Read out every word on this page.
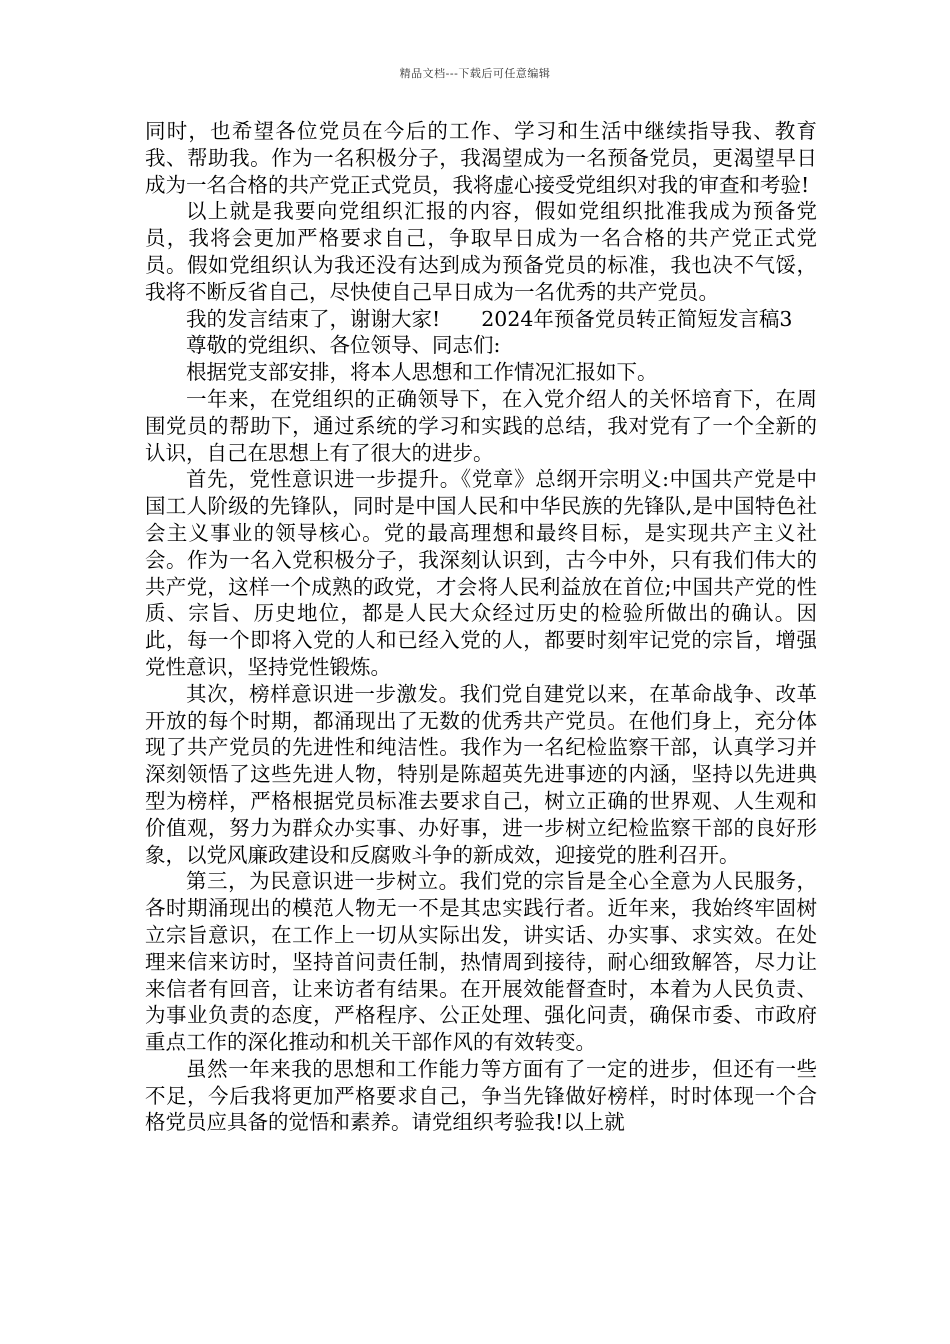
精品文档---下载后可任意编辑

同时，也希望各位党员在今后的工作、学习和生活中继续指导我、教育我、帮助我。作为一名积极分子，我渴望成为一名预备党员，更渴望早日成为一名合格的共产党正式党员，我将虚心接受党组织对我的审查和考验!

以上就是我要向党组织汇报的内容，假如党组织批准我成为预备党员，我将会更加严格要求自己，争取早日成为一名合格的共产党正式党员。假如党组织认为我还没有达到成为预备党员的标准，我也决不气馁，我将不断反省自己，尽快使自己早日成为一名优秀的共产党员。

我的发言结束了，谢谢大家!　　2024年预备党员转正简短发言稿3

尊敬的党组织、各位领导、同志们:

根据党支部安排，将本人思想和工作情况汇报如下。

一年来，在党组织的正确领导下，在入党介绍人的关怀培育下，在周围党员的帮助下，通过系统的学习和实践的总结，我对党有了一个全新的认识，自己在思想上有了很大的进步。

首先，党性意识进一步提升。《党章》总纲开宗明义:中国共产党是中国工人阶级的先锋队，同时是中国人民和中华民族的先锋队,是中国特色社会主义事业的领导核心。党的最高理想和最终目标，是实现共产主义社会。作为一名入党积极分子，我深刻认识到，古今中外，只有我们伟大的共产党，这样一个成熟的政党，才会将人民利益放在首位;中国共产党的性质、宗旨、历史地位，都是人民大众经过历史的检验所做出的确认。因此，每一个即将入党的人和已经入党的人，都要时刻牢记党的宗旨，增强党性意识，坚持党性锻炼。

其次，榜样意识进一步激发。我们党自建党以来，在革命战争、改革开放的每个时期，都涌现出了无数的优秀共产党员。在他们身上，充分体现了共产党员的先进性和纯洁性。我作为一名纪检监察干部，认真学习并深刻领悟了这些先进人物，特别是陈超英先进事迹的内涵，坚持以先进典型为榜样，严格根据党员标准去要求自己，树立正确的世界观、人生观和价值观，努力为群众办实事、办好事，进一步树立纪检监察干部的良好形象，以党风廉政建设和反腐败斗争的新成效，迎接党的胜利召开。

第三，为民意识进一步树立。我们党的宗旨是全心全意为人民服务，各时期涌现出的模范人物无一不是其忠实践行者。近年来，我始终牢固树立宗旨意识，在工作上一切从实际出发，讲实话、办实事、求实效。在处理来信来访时，坚持首问责任制，热情周到接待，耐心细致解答，尽力让来信者有回音，让来访者有结果。在开展效能督查时，本着为人民负责、为事业负责的态度，严格程序、公正处理、强化问责，确保市委、市政府重点工作的深化推动和机关干部作风的有效转变。

虽然一年来我的思想和工作能力等方面有了一定的进步，但还有一些不足，今后我将更加严格要求自己，争当先锋做好榜样，时时体现一个合格党员应具备的觉悟和素养。请党组织考验我!以上就
